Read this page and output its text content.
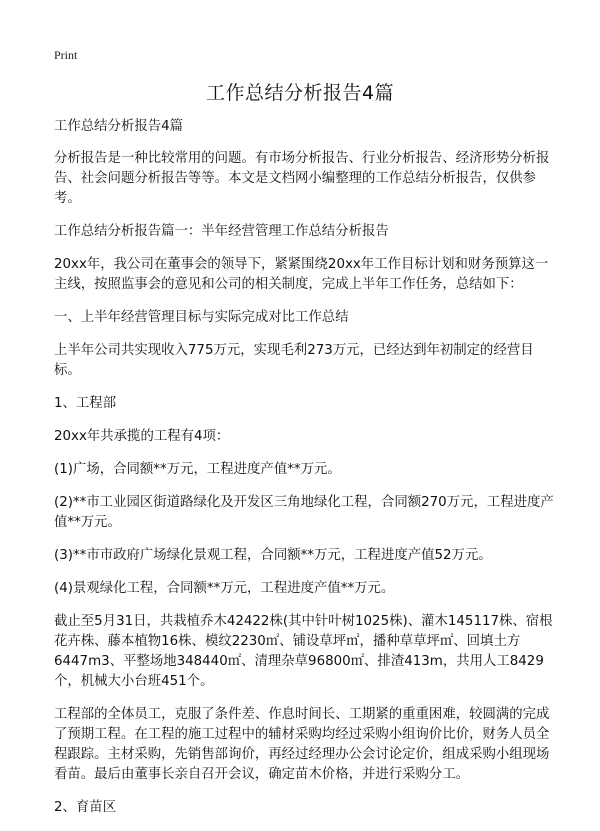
Print
工作总结分析报告4篇

工作总结分析报告4篇

分析报告是一种比较常用的问题。有市场分析报告、行业分析报告、经济形势分析报告、社会问题分析报告等等。本文是文档网小编整理的工作总结分析报告，仅供参考。

工作总结分析报告篇一：半年经营管理工作总结分析报告

20xx年，我公司在董事会的领导下，紧紧围绕20xx年工作目标计划和财务预算这一主线，按照监事会的意见和公司的相关制度，完成上半年工作任务，总结如下：

一、上半年经营管理目标与实际完成对比工作总结

上半年公司共实现收入775万元，实现毛利273万元，已经达到年初制定的经营目标。

1、工程部

20xx年共承揽的工程有4项：

(1)广场，合同额**万元，工程进度产值**万元。

(2)**市工业园区街道路绿化及开发区三角地绿化工程，合同额270万元，工程进度产值**万元。

(3)**市市政府广场绿化景观工程，合同额**万元，工程进度产值52万元。

(4)景观绿化工程，合同额**万元，工程进度产值**万元。

截止至5月31日，共栽植乔木42422株(其中针叶树1025株)、灌木145117株、宿根花卉株、藤本植物16株、模纹2230㎡、铺设草坪㎡，播种草草坪㎡、回填土方6447m3、平整场地348440㎡、清理杂草96800㎡、排渣413m，共用人工8429个，机械大小台班451个。

工程部的全体员工，克服了条件差、作息时间长、工期紧的重重困难，较圆满的完成了预期工程。在工程的施工过程中的辅材采购均经过采购小组询价比价，财务人员全程跟踪。主材采购，先销售部询价，再经过经理办公会讨论定价，组成采购小组现场看苗。最后由董事长亲自召开会议，确定苗木价格，并进行采购分工。

2、育苗区
